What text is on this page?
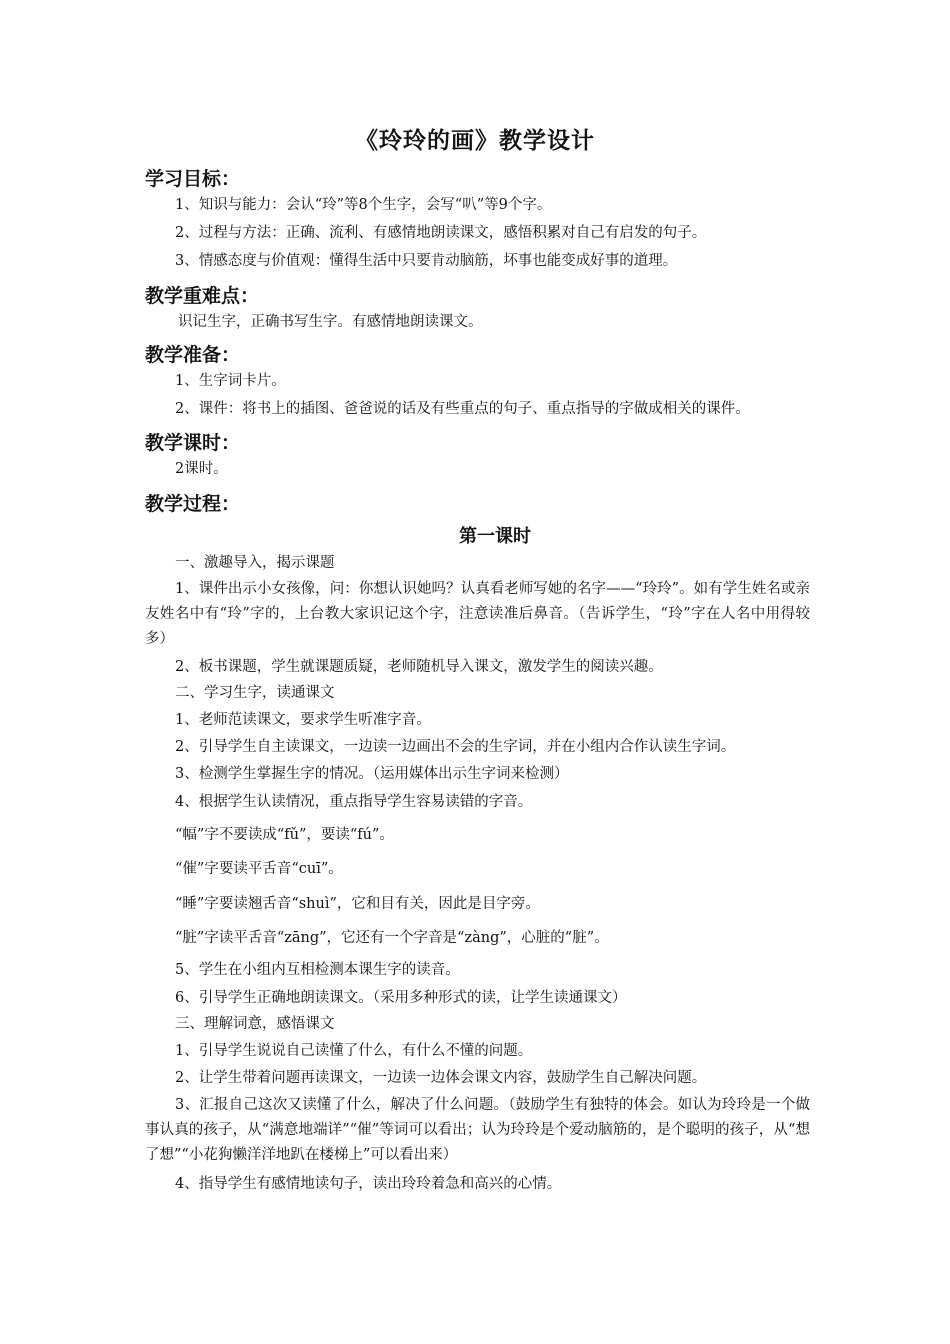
《玲玲的画》教学设计
学习目标：
1、知识与能力：会认“玲”等8个生字，会写“叭”等9个字。
2、过程与方法：正确、流利、有感情地朗读课文，感悟积累对自己有启发的句子。
3、情感态度与价值观：懂得生活中只要肯动脑筋，坏事也能变成好事的道理。
教学重难点：
识记生字，正确书写生字。有感情地朗读课文。
教学准备：
1、生字词卡片。
2、课件：将书上的插图、爸爸说的话及有些重点的句子、重点指导的字做成相关的课件。
教学课时：
2课时。
教学过程：
第一课时
一、激趣导入，揭示课题
1、课件出示小女孩像，问：你想认识她吗？认真看老师写她的名字——“玲玲”。如有学生姓名或亲友姓名中有“玲”字的，上台教大家识记这个字，注意读准后鼻音。（告诉学生，“玲”字在人名中用得较多）
2、板书课题，学生就课题质疑，老师随机导入课文，激发学生的阅读兴趣。
二、学习生字，读通课文
1、老师范读课文，要求学生听准字音。
2、引导学生自主读课文，一边读一边画出不会的生字词，并在小组内合作认读生字词。
3、检测学生掌握生字的情况。（运用媒体出示生字词来检测）
4、根据学生认读情况，重点指导学生容易读错的字音。
“幅”字不要读成“fǔ”，要读“fú”。
“催”字要读平舌音“cuī”。
“睡”字要读翘舌音“shuì”，它和目有关，因此是目字旁。
“脏”字读平舌音“zāng”，它还有一个字音是“zàng”，心脏的“脏”。
5、学生在小组内互相检测本课生字的读音。
6、引导学生正确地朗读课文。（采用多种形式的读，让学生读通课文）
三、理解词意，感悟课文
1、引导学生说说自己读懂了什么，有什么不懂的问题。
2、让学生带着问题再读课文，一边读一边体会课文内容，鼓励学生自己解决问题。
3、汇报自己这次又读懂了什么，解决了什么问题。（鼓励学生有独特的体会。如认为玲玲是一个做事认真的孩子，从“满意地端详”“催”等词可以看出；认为玲玲是个爱动脑筋的，是个聪明的孩子，从“想了想”“小花狗懒洋洋地趴在楼梯上”可以看出来）
4、指导学生有感情地读句子，读出玲玲着急和高兴的心情。
